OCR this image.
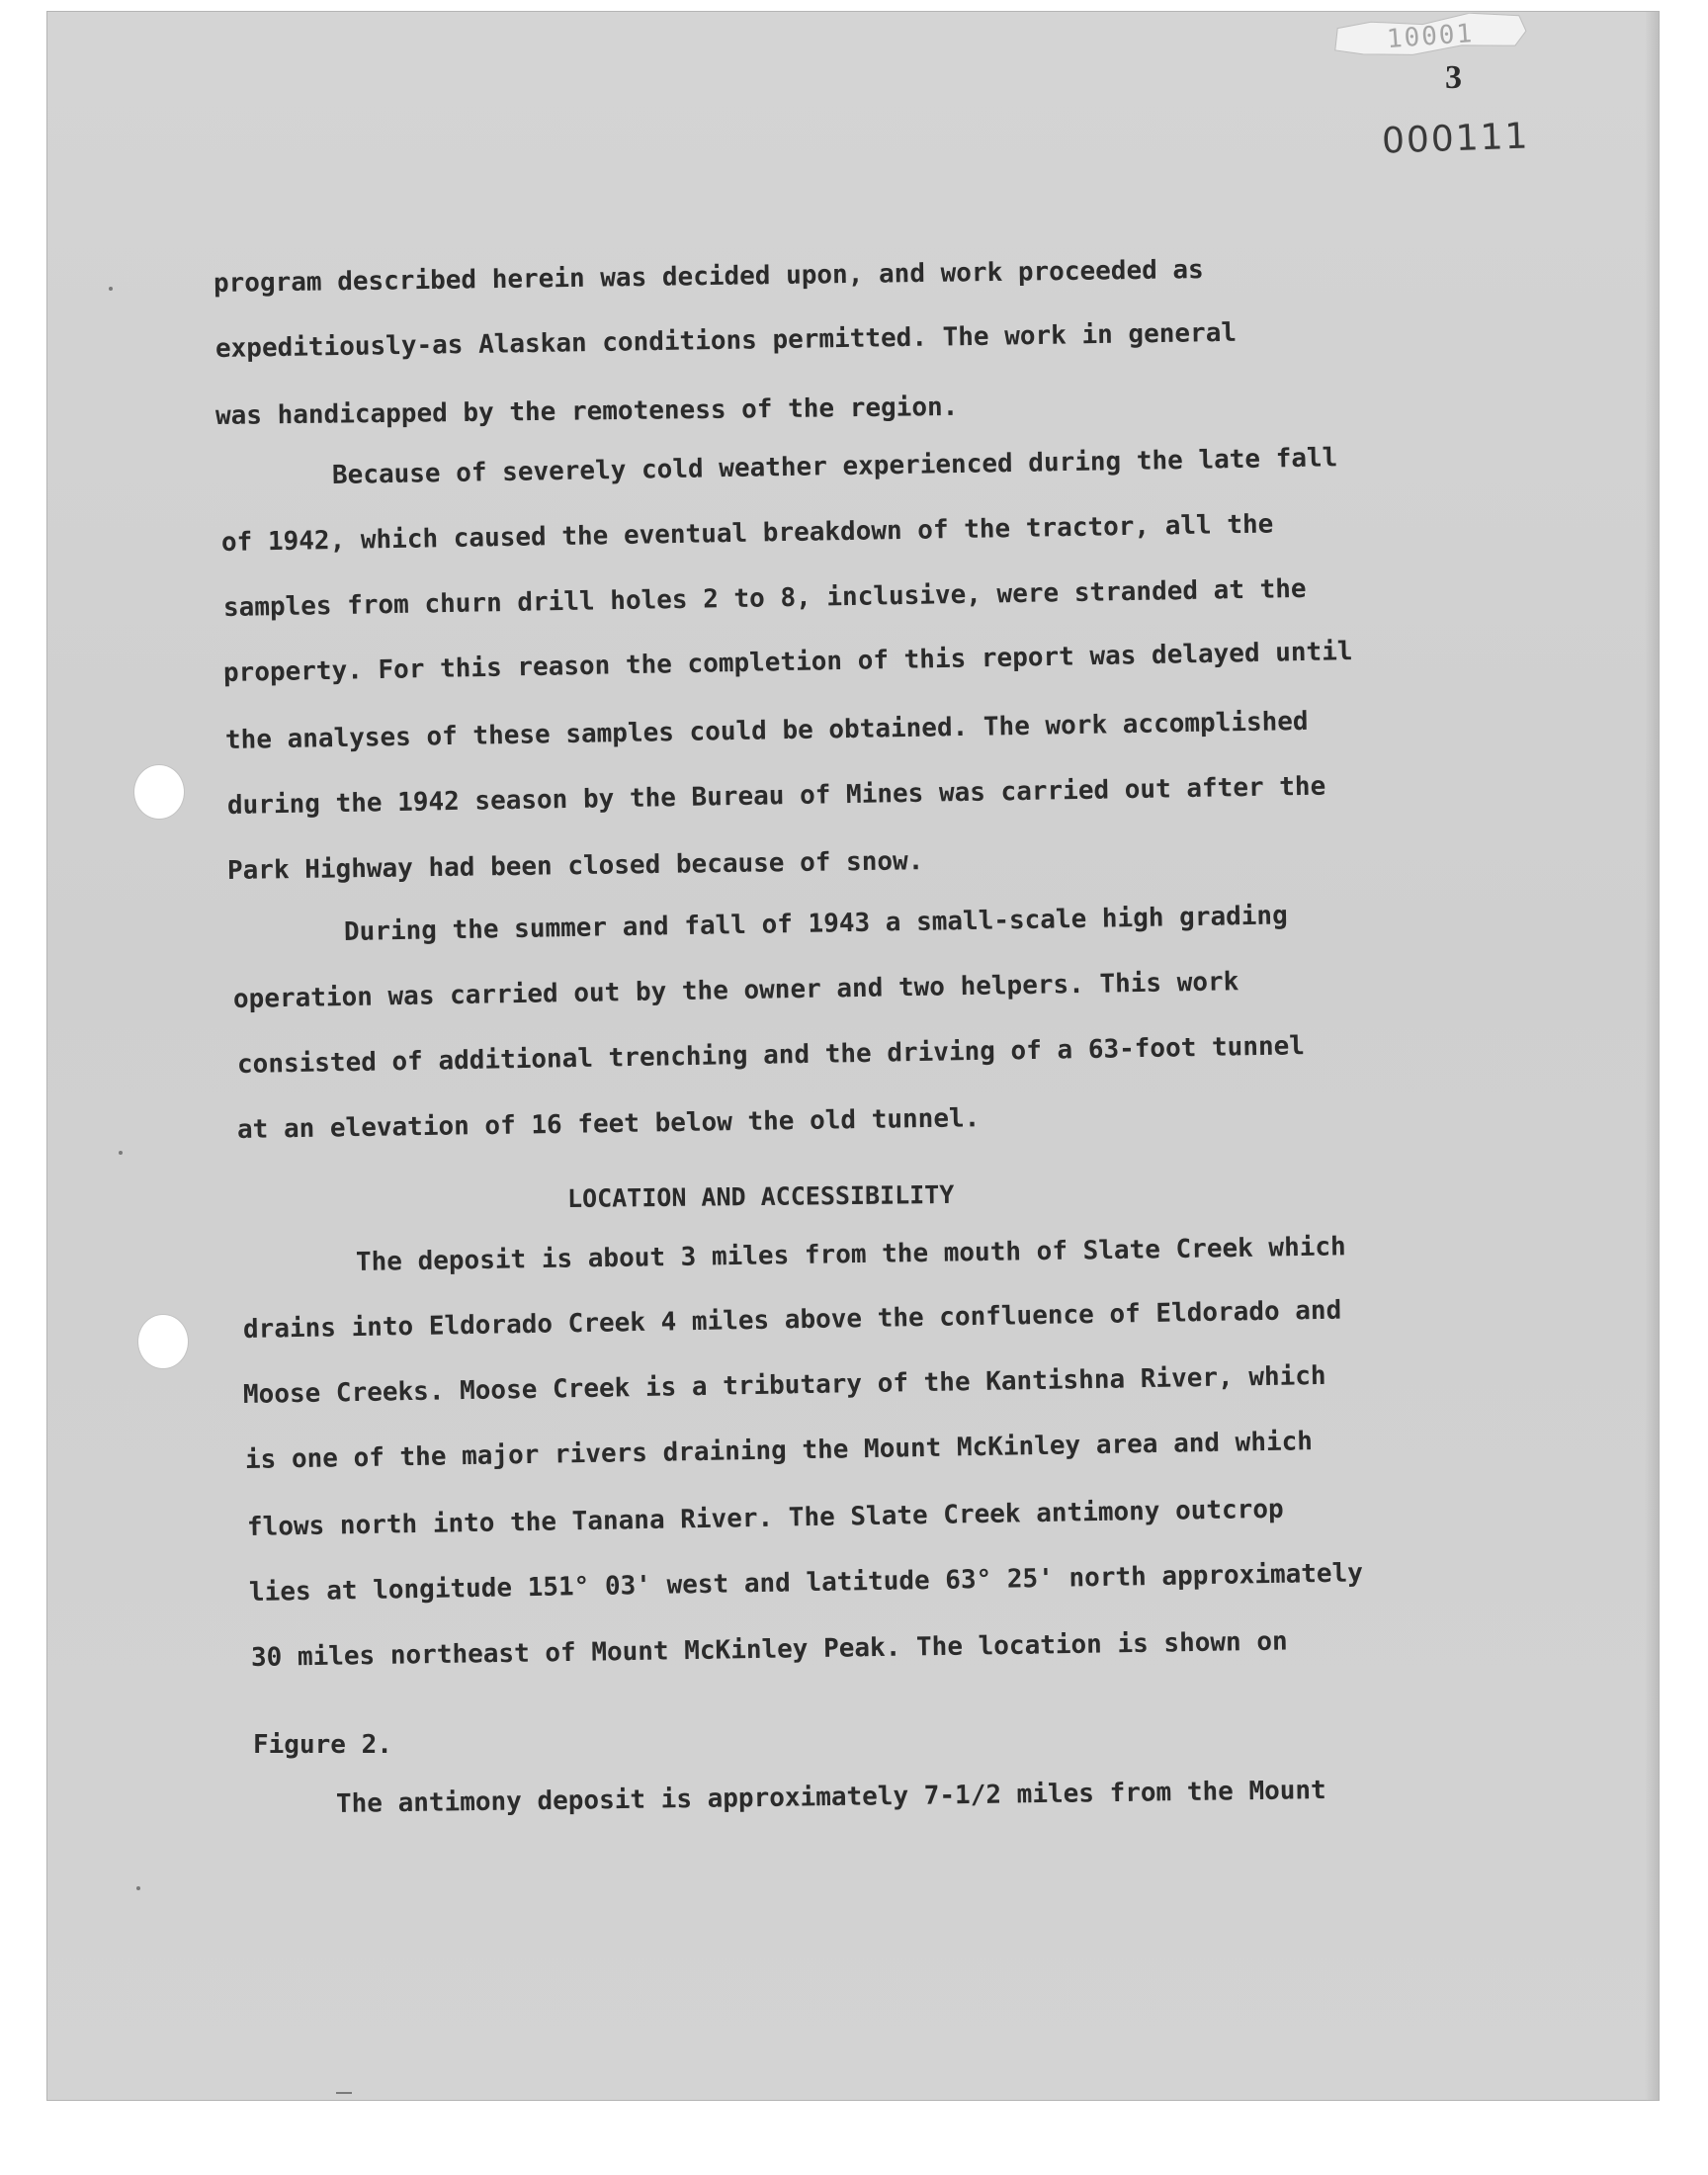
10001
3
000111

program described herein was decided upon, and work proceeded as

expeditiously-as Alaskan conditions permitted. The work in general

was handicapped by the remoteness of the region.

Because of severely cold weather experienced during the late fall

of 1942, which caused the eventual breakdown of the tractor, all the

samples from churn drill holes 2 to 8, inclusive, were stranded at the

property. For this reason the completion of this report was delayed until

the analyses of these samples could be obtained. The work accomplished

during the 1942 season by the Bureau of Mines was carried out after the

Park Highway had been closed because of snow.

During the summer and fall of 1943 a small-scale high grading

operation was carried out by the owner and two helpers. This work

consisted of additional trenching and the driving of a 63-foot tunnel

at an elevation of 16 feet below the old tunnel.

LOCATION AND ACCESSIBILITY

The deposit is about 3 miles from the mouth of Slate Creek which

drains into Eldorado Creek 4 miles above the confluence of Eldorado and

Moose Creeks. Moose Creek is a tributary of the Kantishna River, which

is one of the major rivers draining the Mount McKinley area and which

flows north into the Tanana River. The Slate Creek antimony outcrop

lies at longitude 151° 03' west and latitude 63° 25' north approximately

30 miles northeast of Mount McKinley Peak. The location is shown on

Figure 2.

The antimony deposit is approximately 7-1/2 miles from the Mount
